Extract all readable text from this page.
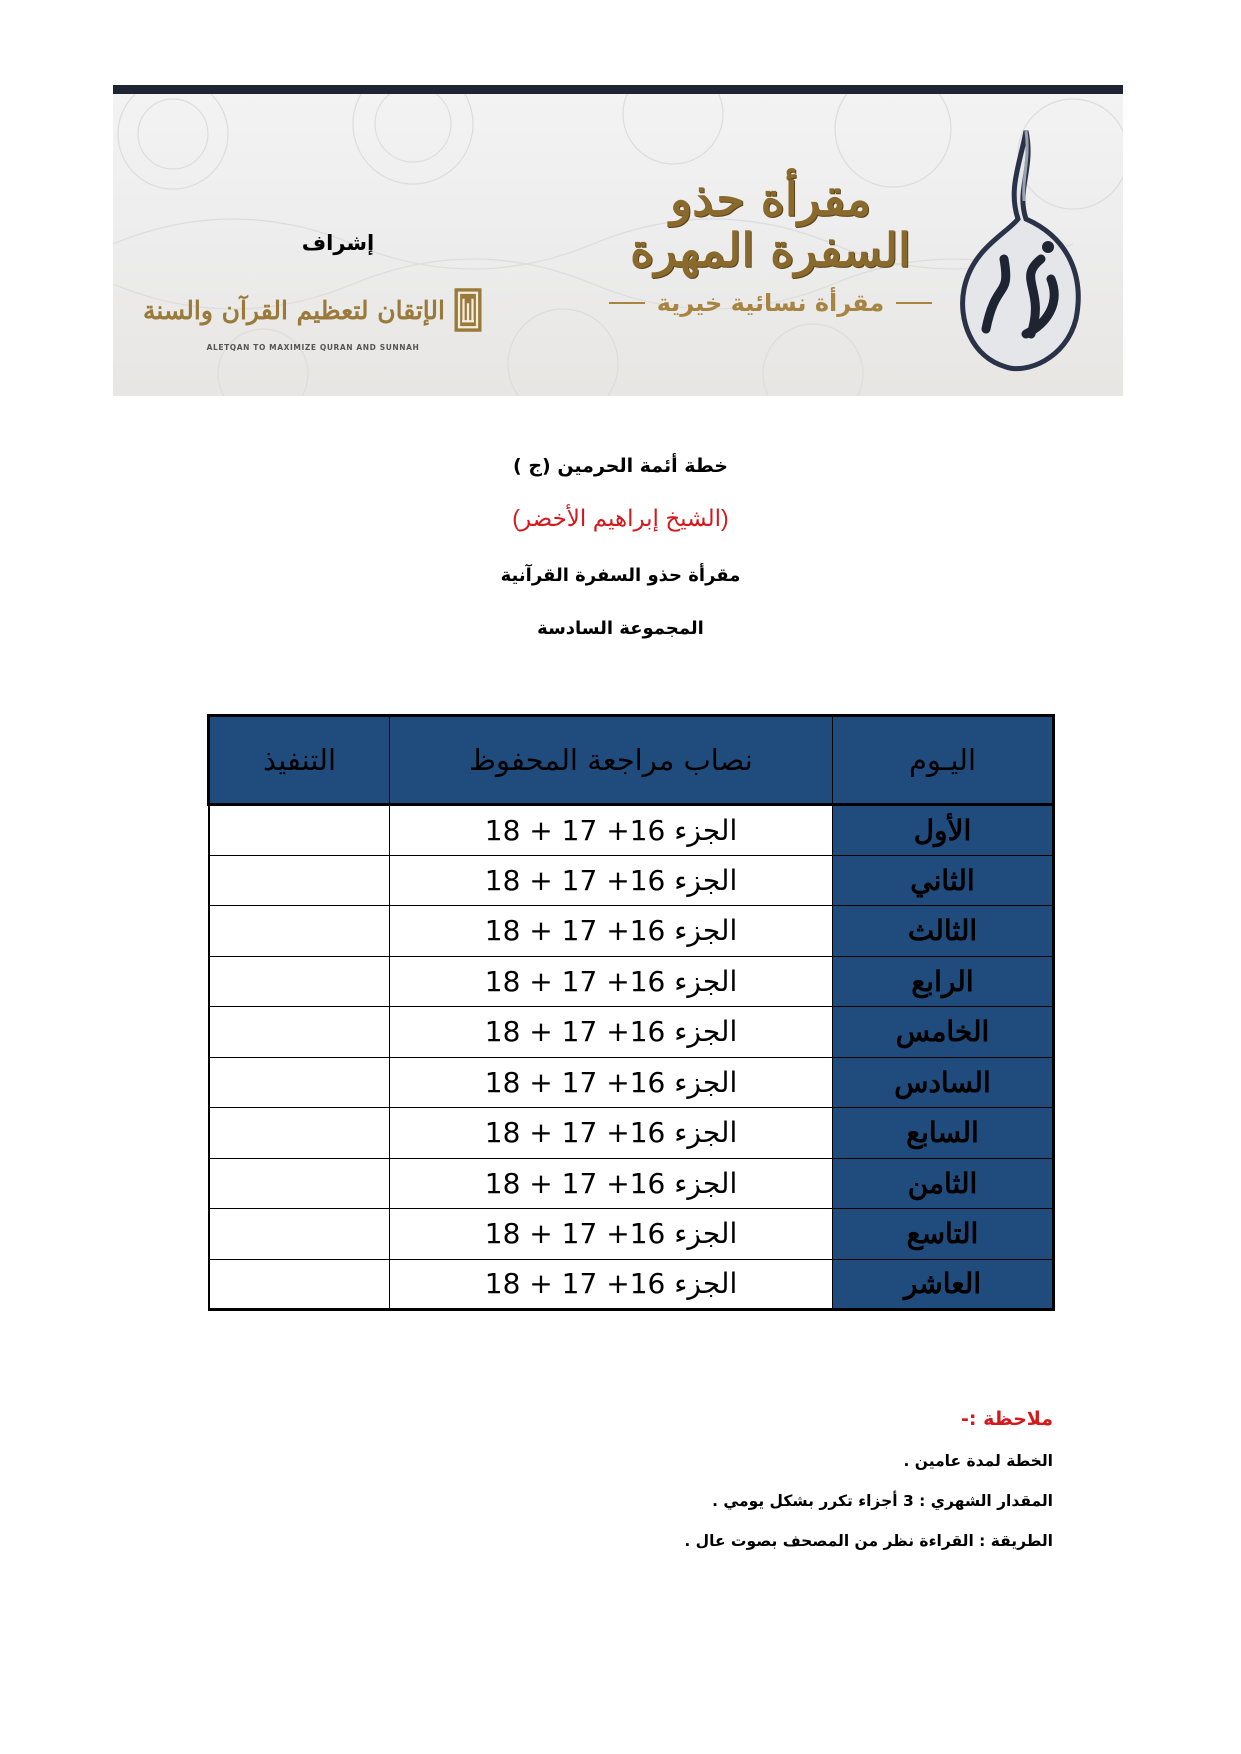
مقرأة حذو السفرة المهرة
مقرأة نسائية خيرية
إشراف
الإتقان لتعظيم القرآن والسنة
ALETQAN TO MAXIMIZE QURAN AND SUNNAH
خطة أئمة الحرمين (ج )
(الشيخ إبراهيم الأخضر)
مقرأة حذو السفرة القرآنية
المجموعة السادسة
اليـوم	نصاب مراجعة المحفوظ	التنفيذ
الأول	الجزء 16+ 17 + 18	
الثاني	الجزء 16+ 17 + 18	
الثالث	الجزء 16+ 17 + 18	
الرابع	الجزء 16+ 17 + 18	
الخامس	الجزء 16+ 17 + 18	
السادس	الجزء 16+ 17 + 18	
السابع	الجزء 16+ 17 + 18	
الثامن	الجزء 16+ 17 + 18	
التاسع	الجزء 16+ 17 + 18	
العاشر	الجزء 16+ 17 + 18	
ملاحظة :-
الخطة لمدة عامين .
المقدار الشهري : 3 أجزاء تكرر بشكل يومي .
الطريقة : القراءة نظر من المصحف بصوت عال .
